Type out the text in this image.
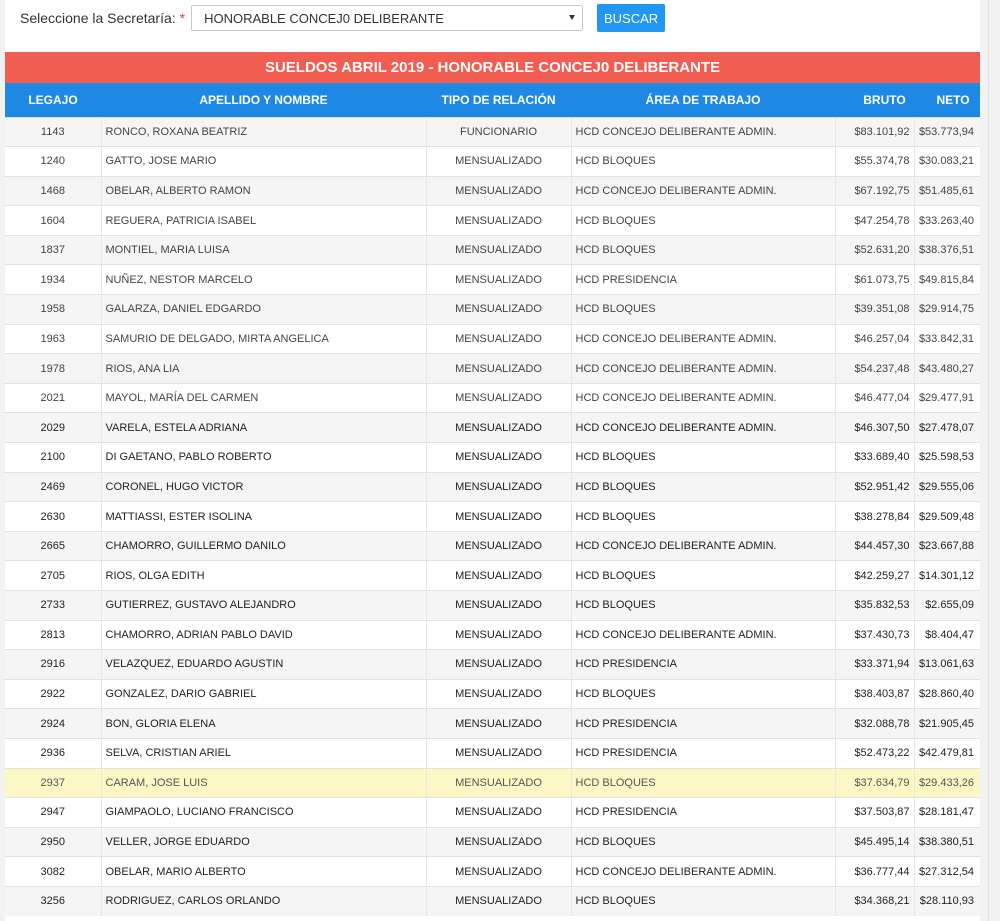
Seleccione la Secretaría: *	HONORABLE CONCEJ0 DELIBERANTE	BUSCAR
SUELDOS ABRIL 2019 - HONORABLE CONCEJ0 DELIBERANTE
LEGAJO	APELLIDO Y NOMBRE	TIPO DE RELACIÓN	ÁREA DE TRABAJO	BRUTO	NETO
1143	RONCO, ROXANA BEATRIZ	FUNCIONARIO	HCD CONCEJO DELIBERANTE ADMIN.	$83.101,92	$53.773,94
1240	GATTO, JOSE MARIO	MENSUALIZADO	HCD BLOQUES	$55.374,78	$30.083,21
1468	OBELAR, ALBERTO RAMON	MENSUALIZADO	HCD CONCEJO DELIBERANTE ADMIN.	$67.192,75	$51.485,61
1604	REGUERA, PATRICIA ISABEL	MENSUALIZADO	HCD BLOQUES	$47.254,78	$33.263,40
1837	MONTIEL, MARIA LUISA	MENSUALIZADO	HCD BLOQUES	$52.631,20	$38.376,51
1934	NUÑEZ, NESTOR MARCELO	MENSUALIZADO	HCD PRESIDENCIA	$61.073,75	$49.815,84
1958	GALARZA, DANIEL EDGARDO	MENSUALIZADO	HCD BLOQUES	$39.351,08	$29.914,75
1963	SAMURIO DE DELGADO, MIRTA ANGELICA	MENSUALIZADO	HCD CONCEJO DELIBERANTE ADMIN.	$46.257,04	$33.842,31
1978	RIOS, ANA LIA	MENSUALIZADO	HCD CONCEJO DELIBERANTE ADMIN.	$54.237,48	$43.480,27
2021	MAYOL, MARÍA DEL CARMEN	MENSUALIZADO	HCD CONCEJO DELIBERANTE ADMIN.	$46.477,04	$29.477,91
2029	VARELA, ESTELA ADRIANA	MENSUALIZADO	HCD CONCEJO DELIBERANTE ADMIN.	$46.307,50	$27.478,07
2100	DI GAETANO, PABLO ROBERTO	MENSUALIZADO	HCD BLOQUES	$33.689,40	$25.598,53
2469	CORONEL, HUGO VICTOR	MENSUALIZADO	HCD BLOQUES	$52.951,42	$29.555,06
2630	MATTIASSI, ESTER ISOLINA	MENSUALIZADO	HCD BLOQUES	$38.278,84	$29.509,48
2665	CHAMORRO, GUILLERMO DANILO	MENSUALIZADO	HCD CONCEJO DELIBERANTE ADMIN.	$44.457,30	$23.667,88
2705	RIOS, OLGA EDITH	MENSUALIZADO	HCD BLOQUES	$42.259,27	$14.301,12
2733	GUTIERREZ, GUSTAVO ALEJANDRO	MENSUALIZADO	HCD BLOQUES	$35.832,53	$2.655,09
2813	CHAMORRO, ADRIAN PABLO DAVID	MENSUALIZADO	HCD CONCEJO DELIBERANTE ADMIN.	$37.430,73	$8.404,47
2916	VELAZQUEZ, EDUARDO AGUSTIN	MENSUALIZADO	HCD PRESIDENCIA	$33.371,94	$13.061,63
2922	GONZALEZ, DARIO GABRIEL	MENSUALIZADO	HCD BLOQUES	$38.403,87	$28.860,40
2924	BON, GLORIA ELENA	MENSUALIZADO	HCD PRESIDENCIA	$32.088,78	$21.905,45
2936	SELVA, CRISTIAN ARIEL	MENSUALIZADO	HCD PRESIDENCIA	$52.473,22	$42.479,81
2937	CARAM, JOSE LUIS	MENSUALIZADO	HCD BLOQUES	$37.634,79	$29.433,26
2947	GIAMPAOLO, LUCIANO FRANCISCO	MENSUALIZADO	HCD PRESIDENCIA	$37.503,87	$28.181,47
2950	VELLER, JORGE EDUARDO	MENSUALIZADO	HCD BLOQUES	$45.495,14	$38.380,51
3082	OBELAR, MARIO ALBERTO	MENSUALIZADO	HCD CONCEJO DELIBERANTE ADMIN.	$36.777,44	$27.312,54
3256	RODRIGUEZ, CARLOS ORLANDO	MENSUALIZADO	HCD BLOQUES	$34.368,21	$28.110,93
